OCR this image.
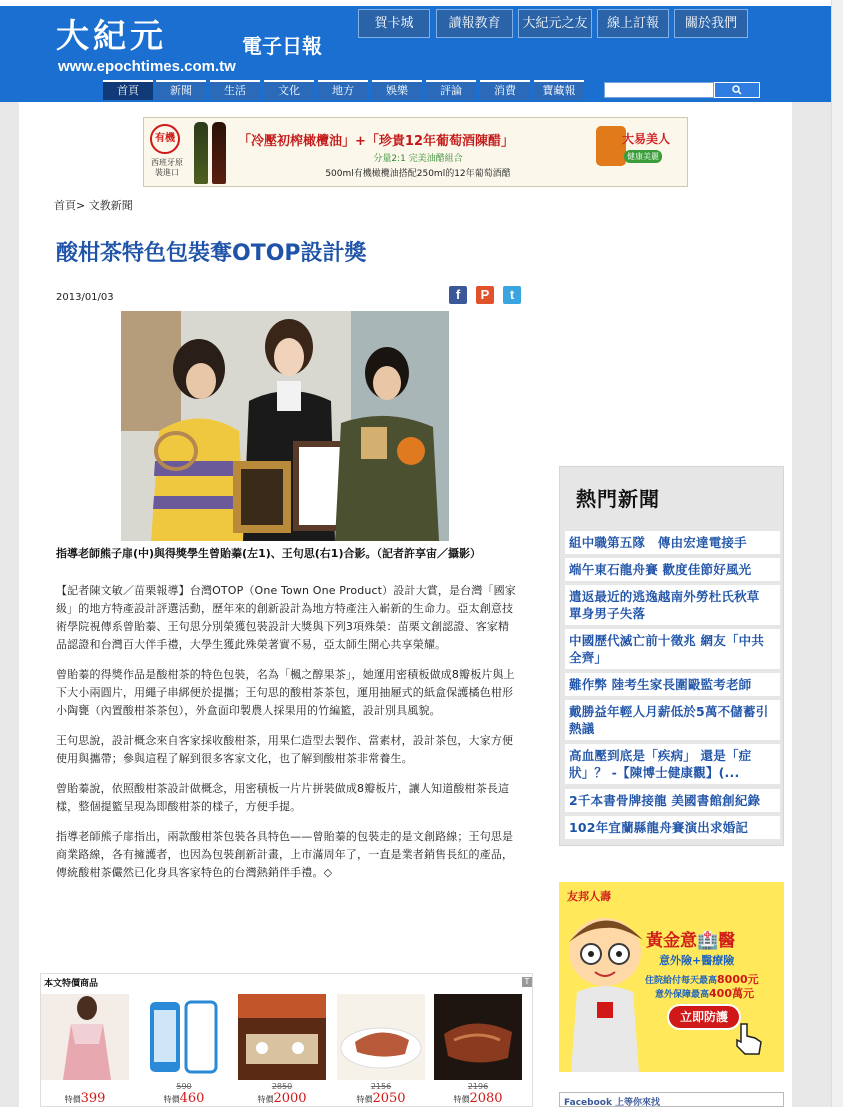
大紀元	電子日報
www.epochtimes.com.tw
賀卡城	讀報教育	大紀元之友	線上訂報	關於我們
首頁	新聞	生活	文化	地方	娛樂	評論	消費	寶藏報
有機
西班牙原裝進口
「冷壓初榨橄欖油」+「珍貴12年葡萄酒陳醋」
分量2:1 完美油醋組合
500ml有機橄欖油搭配250ml的12年葡萄酒醋
大易美人
健康美麗
首頁> 文教新聞
酸柑茶特色包裝奪OTOP設計獎
2013/01/03	f	P	t
指導老師熊子扉(中)與得獎學生曾貽蓁(左1)、王句思(右1)合影。（記者許享宙／攝影）

【記者陳文敏／苗栗報導】台灣OTOP（One Town One Product）設計大賞，是台灣「國家級」的地方特產設計評選活動，歷年來的創新設計為地方特產注入嶄新的生命力。亞太創意技術學院視傳系曾貽蓁、王句思分別榮獲包裝設計大獎與下列3項殊榮：苗栗文創認證、客家精品認證和台灣百大伴手禮，大學生獲此殊榮著實不易，亞太師生開心共享榮耀。

曾貽蓁的得獎作品是酸柑茶的特色包裝，名為「楓之醇果茶」，她運用密積板做成8瓣板片與上下大小兩圓片，用繩子串綁便於提攜；王句思的酸柑茶茶包，運用抽屜式的紙盒保護橘色柑形小陶甕（內置酸柑茶茶包），外盒面印製農人採果用的竹編籃，設計別具風貌。

王句思說，設計概念來自客家採收酸柑茶，用果仁造型去製作、當素材，設計茶包，大家方便使用與攜帶；參與這程了解到很多客家文化，也了解到酸柑茶非常養生。

曾貽蓁說，依照酸柑茶設計做概念，用密積板一片片拼裝做成8瓣板片，讓人知道酸柑茶長這樣，整個提籃呈現為即酸柑茶的樣子，方便手提。

指導老師熊子扉指出，兩款酸柑茶包裝各具特色——曾貽蓁的包裝走的是文創路線；王句思是商業路線，各有擁護者，也因為包裝創新計畫，上市滿周年了，一直是業者銷售長紅的產品，傳統酸柑茶儼然已化身具客家特色的台灣熱銷伴手禮。◇

本文特價商品	T
特價399
590
特價460
2850
特價2000
2156
特價2050
2196
特價2080
熱門新聞
組中職第五隊　傳由宏達電接手
端午東石龍舟賽 歡度佳節好風光
遣返最近的逃逸越南外勞杜氏秋草 單身男子失落
中國歷代滅亡前十徵兆 網友「中共全齊」
難作弊 陸考生家長圍毆監考老師
戴勝益年輕人月薪低於5萬不儲蓄引熱議
高血壓到底是「疾病」 還是「症狀」？ -【陳博士健康觀】(...
2千本書骨牌接龍 美國書館創紀錄
102年宜蘭縣龍舟賽演出求婚記
友邦人壽
黃金意🏥醫
意外險+醫療險
住院給付每天最高8000元
意外保障最高400萬元
立即防護
Facebook 上等你來找
